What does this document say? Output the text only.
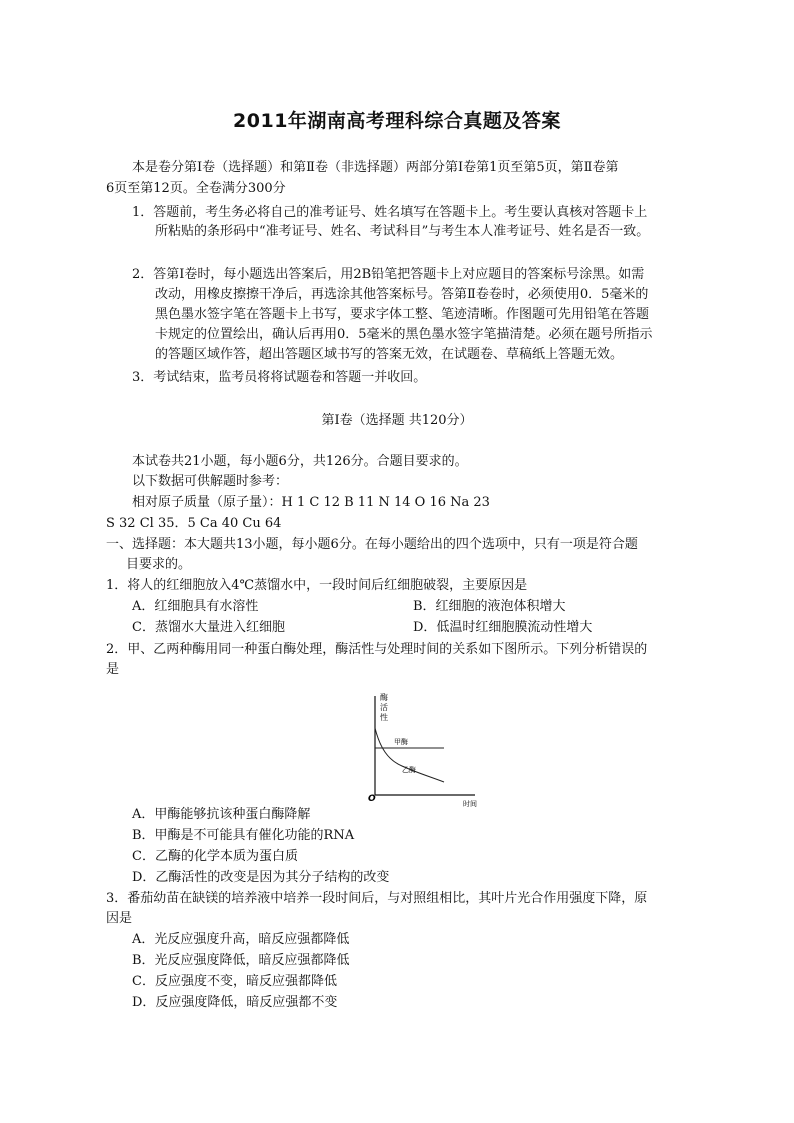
2011年湖南高考理科综合真题及答案
本是卷分第Ⅰ卷（选择题）和第Ⅱ卷（非选择题）两部分第Ⅰ卷第1页至第5页，第Ⅱ卷第
6页至第12页。全卷满分300分
1．答题前，考生务必将自己的准考证号、姓名填写在答题卡上。考生要认真核对答题卡上
所粘贴的条形码中“准考证号、姓名、考试科目”与考生本人准考证号、姓名是否一致。
2．答第Ⅰ卷时，每小题选出答案后，用2B铅笔把答题卡上对应题目的答案标号涂黑。如需
改动，用橡皮擦擦干净后，再选涂其他答案标号。答第Ⅱ卷卷时，必须使用0．5毫米的
黑色墨水签字笔在答题卡上书写，要求字体工整、笔迹清晰。作图题可先用铅笔在答题
卡规定的位置绘出，确认后再用0．5毫米的黑色墨水签字笔描清楚。必须在题号所指示
的答题区域作答，超出答题区域书写的答案无效，在试题卷、草稿纸上答题无效。
3．考试结束，监考员将将试题卷和答题一并收回。
第Ⅰ卷（选择题 共120分）
本试卷共21小题，每小题6分，共126分。合题目要求的。
以下数据可供解题时参考：
相对原子质量（原子量）：H 1 C 12 B 11 N 14 O 16 Na 23
S 32 Cl 35．5 Ca 40 Cu 64
一、选择题：本大题共13小题，每小题6分。在每小题给出的四个选项中，只有一项是符合题
目要求的。
1．将人的红细胞放入4℃蒸馏水中，一段时间后红细胞破裂，主要原因是
A．红细胞具有水溶性	B．红细胞的液泡体积增大
C．蒸馏水大量进入红细胞	D．低温时红细胞膜流动性增大
2．甲、乙两种酶用同一种蛋白酶处理，酶活性与处理时间的关系如下图所示。下列分析错误的
是
酶
活
性
甲酶
乙酶
O	时间
A．甲酶能够抗该种蛋白酶降解
B．甲酶是不可能具有催化功能的RNA
C．乙酶的化学本质为蛋白质
D．乙酶活性的改变是因为其分子结构的改变
3．番茄幼苗在缺镁的培养液中培养一段时间后，与对照组相比，其叶片光合作用强度下降，原
因是
A．光反应强度升高，暗反应强都降低
B．光反应强度降低，暗反应强都降低
C．反应强度不变，暗反应强都降低
D．反应强度降低，暗反应强都不变
